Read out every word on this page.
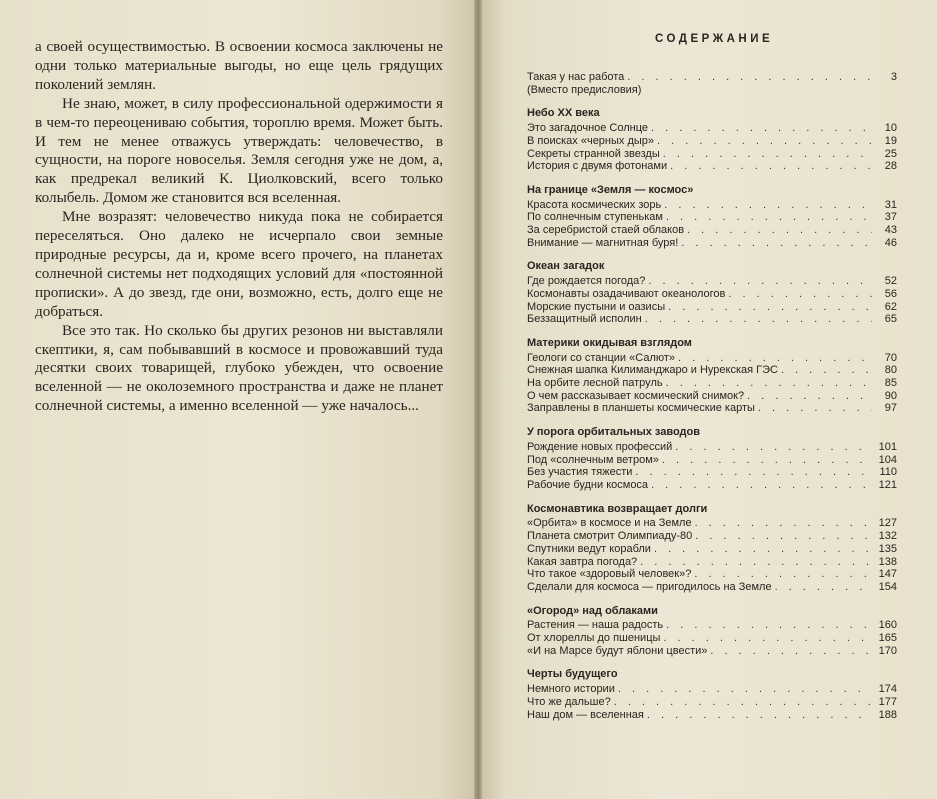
а своей осуществимостью. В освоении космоса заключены не одни только материальные выгоды, но еще цель грядущих поколений землян.

Не знаю, может, в силу профессиональной одержимости я в чем-то переоцениваю события, тороплю время. Может быть. И тем не менее отважусь утверждать: человечество, в сущности, на пороге новоселья. Земля сегодня уже не дом, а, как предрекал великий К. Циолковский, всего только колыбель. Домом же становится вся вселенная.

Мне возразят: человечество никуда пока не собирается переселяться. Оно далеко не исчерпало свои земные природные ресурсы, да и, кроме всего прочего, на планетах солнечной системы нет подходящих условий для «постоянной прописки». А до звезд, где они, возможно, есть, долго еще не добраться.

Все это так. Но сколько бы других резонов ни выставляли скептики, я, сам побывавший в космосе и провожавший туда десятки своих товарищей, глубоко убежден, что освоение вселенной — не околоземного пространства и даже не планет солнечной системы, а именно вселенной — уже началось...

СОДЕРЖАНИЕ
Такая у нас работа . . .	3
(Вместо предисловия)
Небо XX века
Это загадочное Солнце . . .	10
В поисках «черных дыр» . . .	19
Секреты странной звезды . . .	25
История с двумя фотонами . . .	28
На границе «Земля — космос»
Красота космических зорь . . .	31
По солнечным ступенькам . . .	37
За серебристой стаей облаков . . .	43
Внимание — магнитная буря! . . .	46
Океан загадок
Где рождается погода? . . .	52
Космонавты озадачивают океанологов . . .	56
Морские пустыни и оазисы . . .	62
Беззащитный исполин . . .	65
Материки окидывая взглядом
Геологи со станции «Салют» . . .	70
Снежная шапка Килиманджаро и Нурекская ГЭС . . .	80
На орбите лесной патруль . . .	85
О чем рассказывает космический снимок? . . .	90
Заправлены в планшеты космические карты . . .	97
У порога орбитальных заводов
Рождение новых профессий . . .	101
Под «солнечным ветром» . . .	104
Без участия тяжести . . .	110
Рабочие будни космоса . . .	121
Космонавтика возвращает долги
«Орбита» в космосе и на Земле . . .	127
Планета смотрит Олимпиаду-80 . . .	132
Спутники ведут корабли . . .	135
Какая завтра погода? . . .	138
Что такое «здоровый человек»? . . .	147
Сделали для космоса — пригодилось на Земле . . .	154
«Огород» над облаками
Растения — наша радость . . .	160
От хлореллы до пшеницы . . .	165
«И на Марсе будут яблони цвести» . . .	170
Черты будущего
Немного истории . . .	174
Что же дальше? . . .	177
Наш дом — вселенная . . .	188
